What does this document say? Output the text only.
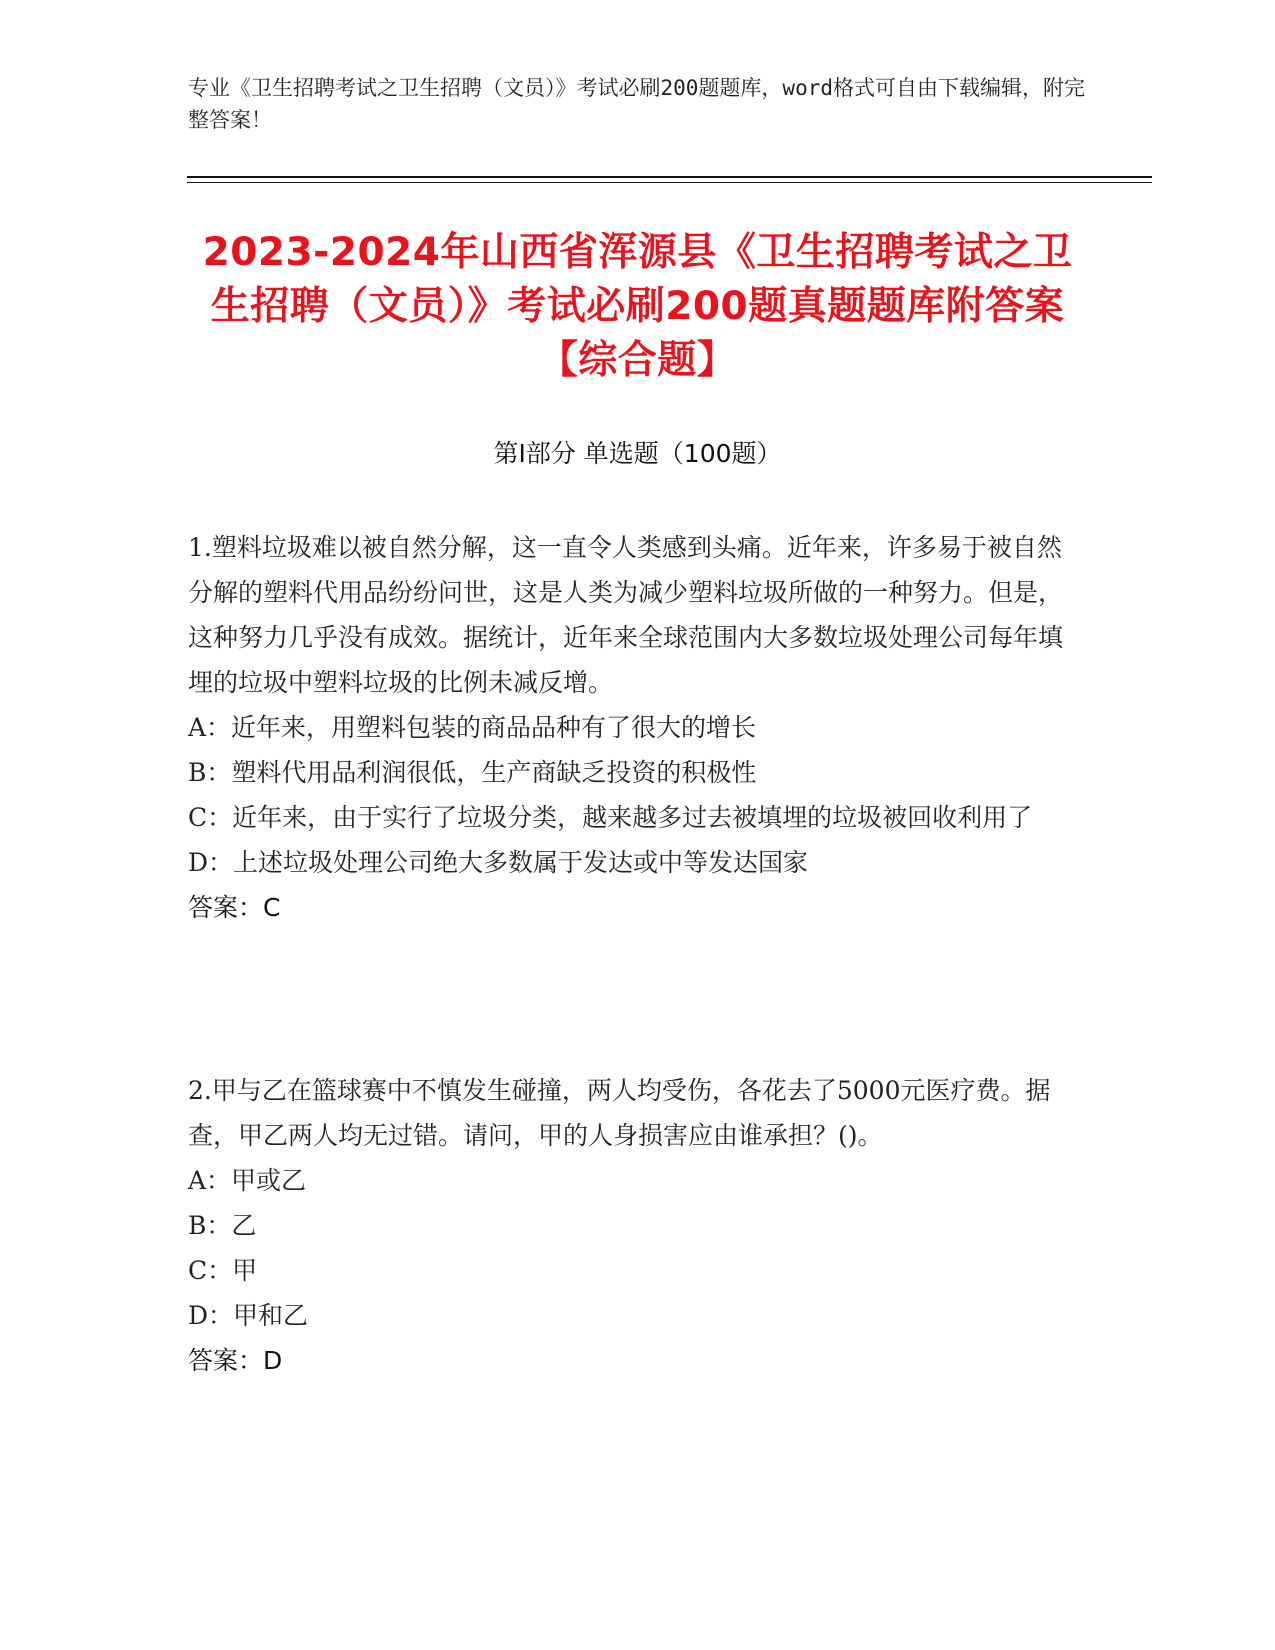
专业《卫生招聘考试之卫生招聘（文员）》考试必刷200题题库，word格式可自由下载编辑，附完整答案！
2023-2024年山西省浑源县《卫生招聘考试之卫生招聘（文员）》考试必刷200题真题题库附答案【综合题】
第Ⅰ部分 单选题（100题）

1.塑料垃圾难以被自然分解，这一直令人类感到头痛。近年来，许多易于被自然分解的塑料代用品纷纷问世，这是人类为减少塑料垃圾所做的一种努力。但是，这种努力几乎没有成效。据统计，近年来全球范围内大多数垃圾处理公司每年填埋的垃圾中塑料垃圾的比例未减反增。

A：近年来，用塑料包装的商品品种有了很大的增长

B：塑料代用品利润很低，生产商缺乏投资的积极性

C：近年来，由于实行了垃圾分类，越来越多过去被填埋的垃圾被回收利用了

D：上述垃圾处理公司绝大多数属于发达或中等发达国家

答案：C

2.甲与乙在篮球赛中不慎发生碰撞，两人均受伤，各花去了5000元医疗费。据查，甲乙两人均无过错。请问，甲的人身损害应由谁承担？()。

A：甲或乙

B：乙

C：甲

D：甲和乙

答案：D
